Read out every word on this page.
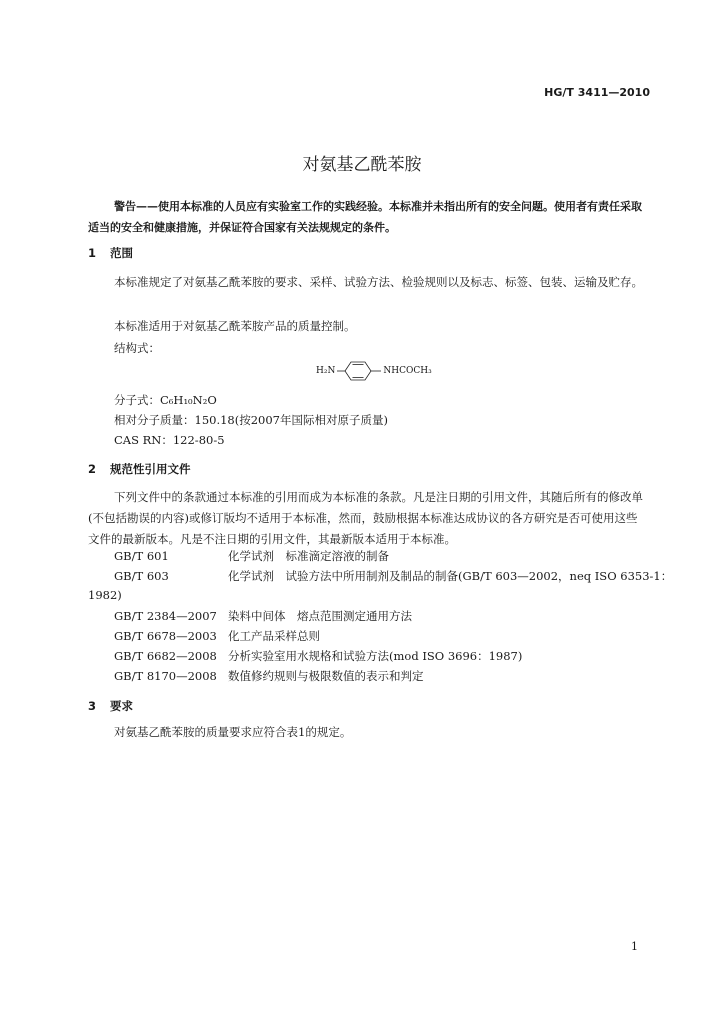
HG/T 3411—2010
对氨基乙酰苯胺
警告——使用本标准的人员应有实验室工作的实践经验。本标准并未指出所有的安全问题。使用者有责任采取适当的安全和健康措施，并保证符合国家有关法规规定的条件。
1 范围
本标准规定了对氨基乙酰苯胺的要求、采样、试验方法、检验规则以及标志、标签、包装、运输及贮存。
本标准适用于对氨基乙酰苯胺产品的质量控制。
结构式：
H₂N	NHCOCH₃
分子式：C₆H₁₀N₂O
相对分子质量：150.18(按2007年国际相对原子质量)
CAS RN：122-80-5
2 规范性引用文件
下列文件中的条款通过本标准的引用而成为本标准的条款。凡是注日期的引用文件，其随后所有的修改单(不包括勘误的内容)或修订版均不适用于本标准，然而，鼓励根据本标准达成协议的各方研究是否可使用这些文件的最新版本。凡是不注日期的引用文件，其最新版本适用于本标准。
GB/T 601	化学试剂　标准滴定溶液的制备
GB/T 603	化学试剂　试验方法中所用制剂及制品的制备(GB/T 603—2002，neq ISO 6353-1：
1982)
GB/T 2384—2007 染料中间体　熔点范围测定通用方法
GB/T 6678—2003 化工产品采样总则
GB/T 6682—2008 分析实验室用水规格和试验方法(mod ISO 3696：1987)
GB/T 8170—2008 数值修约规则与极限数值的表示和判定
3 要求
对氨基乙酰苯胺的质量要求应符合表1的规定。
1
